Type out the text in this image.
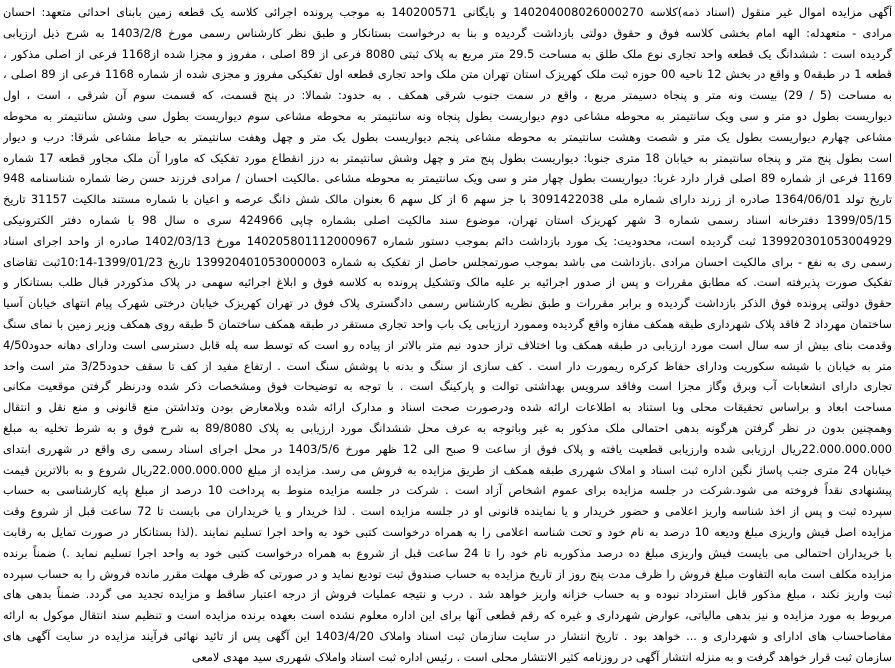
آگهی مزایده اموال غیر منقول (اسناد ذمه)کلاسه 140204008026000270 و بایگانی 140200571 به موجب پرونده اجرائی کلاسه یک قطعه زمین بابنای احداثی متعهد: احسان
مرادی - متعهدله: الهه امام بخشی کلاسه فوق و حقوق دولتی بازداشت گردیده و بنا به درخواست بستانکار و طبق نظر کارشناس رسمی مورخ 1403/2/8 به شرح ذیل ارزیابی
گردیده است : ششدانگ یک قطعه واحد تجاری نوع ملک طلق به مساحت 29.5 متر مربع به پلاک ثبتی 8080 فرعی از 89 اصلی ، مفروز و مجزا شده از1168 فرعی از اصلی مذکور ،
قطعه 1 در طبقه0 و واقع در بخش 12 ناحیه 00 حوزه ثبت ملک کهریزک استان تهران متن ملک واحد تجاری قطعه اول تفکیکی مفروز و مجزی شده از شماره 1168 فرعی از 89 اصلی ،
به مساحت (5 / 29) بیست ونه متر و پنجاه دسیمتر مربع ، واقع در سمت جنوب شرقی همکف . به حدود: شمالا: در پنج قسمت، که قسمت سوم آن شرقی ، است ، اول
دیواریست بطول دو متر و سی ویک سانتیمتر به محوطه مشاعی دوم دیواریست بطول پنجاه ونه سانتیمتر به محوطه مشاعی سوم دیواریست بطول سی وشش سانتیمتر به محوطه
مشاعی چهارم دیواریست بطول یک متر و شصت وهشت سانتیمتر به محوطه مشاعی پنجم دیواریست بطول یک متر و چهل وهفت سانتیمتر به حیاط مشاعی شرقا: درب و دیوار
است بطول پنج متر و پنجاه سانتیمتر به خیابان 18 متری جنوبا: دیواریست بطول پنج متر و چهل وشش سانتیمتر به درز انقطاع مورد تفکیک که ماورا آن ملک مجاور قطعه 17 شماره
1169 فرعی از شماره 89 اصلی قرار دارد غربا: دیواریست بطول چهار متر و سی ویک سانتیمتر به محوطه مشاعی .مالکیت احسان / مرادی فرزند حسن رضا شماره شناسنامه 948
تاریخ تولد 1364/06/01 صادره از زرند دارای شماره ملی 3091422038 با جز سهم 6 از کل سهم 6 بعنوان مالک شش دانگ عرصه و اعیان با شماره مستند مالکیت 31157 تاریخ
1399/05/15 دفترخانه اسناد رسمی شماره 3 شهر کهریزک استان تهران، موضوع سند مالکیت اصلی بشماره چاپی 424966 سری ه سال 98 با شماره دفتر الکترونیکی
139920301053004929 ثبت گردیده است، محدودیت: یک مورد بازداشت دائم بموجب دستور شماره 140205801112000967 مورخ 1402/03/13 صادره از واحد اجرای اسناد
رسمی ری به نفع - برای مالکیت احسان مرادی .بازداشت می باشد بموجب صورتمجلس حاصل از تفکیک به شماره 139920401053000003 تاریخ 1399/01/23-10:14ثبت تقاضای
تفکیک صورت پذیرفته است. که مطابق مقررات و پس از صدور اجرائیه بر علیه مالک وتشکیل پرونده به کلاسه فوق و ابلاغ اجرائیه سهمی در پلاک مذکوردر قبال طلب بستانکار و
حقوق دولتی پرونده فوق الذکر بازداشت گردیده و برابر مقررات و طبق نظریه کارشناس رسمی دادگستری پلاک فوق در تهران کهریزک خیابان درختی شهرک پیام انتهای خیابان آسیا
ساختمان مهرداد 2 فاقد پلاک شهرداری طبقه همکف مفازه واقع گردیده وممورد ارزیابی یک باب واحد تجاری مستقر در طبقه همکف ساختمان 5 طبقه روی همکف وزیر زمین با نمای سنگ
وقدمت بنای بیش از سه سال است مورد ارزیابی در طبقه همکف وبا اختلاف تراز حدود نیم متر بالاتر از پیاده رو است که توسط سه پله قابل دسترسی است ودارای دهانه حدود4/50
متر به خیابان با شیشه سکوریت ودارای حفاظ کرکره ریمورت دار است . کف سازی از سنگ و بدنه با پوشش سنگ است . ارتفاع مفید از کف تا سقف حدود3/25 متر است واحد
تجاری دارای انشعابات آب وبرق وگاز مجزا است وفاقد سرویس بهداشتی توالت و پارکینگ است . با توجه به توضیحات فوق ومشخصات ذکر شده ودرنظر گرفتن موقعیت مکانی
مساحت ابعاد و براساس تحقیقات محلی وبا استناد به اطلاعات ارائه شده ودرصورت صحت اسناد و مدارک ارائه شده وبلامعارض بودن وتداشتن منع قانونی و منع نقل و انتقال
وهمچنین بدون در نظر گرفتن هرگونه بدهی احتمالی ملک مذکور به غیر وباتوجه به عرف محل ششدانگ مورد ارزیابی به پلاک 89/8080 به شرح فوق و به شرط تخلیه به مبلغ
22.000.000.000ریال ارزیابی شده وارزیابی قطعیت یافته و پلاک فوق از ساعت 9 صبح الی 12 ظهر مورخ 1403/5/6 در محل اجرای اسناد رسمی ری واقع در شهرری ابتدای
خیابان 24 متری جنب پاساژ نگین اداره ثبت اسناد و املاک شهرری طبقه همکف از طریق مزایده به فروش می رسد. مزایده از مبلغ 22.000.000.000ریال شروع و به بالاترین قیمت
پیشنهادی نقداً فروخته می شود.شرکت در جلسه مزایده برای عموم اشخاص آزاد است . شرکت در جلسه مزایده منوط به پرداخت 10 درصد از مبلغ پایه کارشناسی به حساب
سپرده ثبت و پس از اخذ شناسه واریز اعلامی و حضور خریدار و یا نماینده قانونی او در جلسه مزایده است . لذا خریدار و یا خریداران می بایست تا 72 ساعت قبل از شروع وقت
مزایده اصل فیش واریزی مبلغ ودیعه 10 درصد به نام خود و تحت شناسه اعلامی را به همراه درخواست کتبی خود به واحد اجرا تسلیم نمایند .(لذا بستانکار در صورت تمایل به رقابت
با خریداران احتمالی می بایست فیش واریزی مبلغ ده درصد مذکوربه نام خود را تا 24 ساعت قبل از شروع به همراه درخواست کتبی خود به واحد اجرا تسلیم نماید .) ضمناً برنده
مزایده مکلف است مابه التفاوت مبلغ فروش را ظرف مدت پنج روز از تاریخ مزایده به حساب صندوق ثبت تودیع نماید و در صورتی که ظرف مهلت مقرر مانده فروش را به حساب سپرده
ثبت واریز نکند ، مبلغ مذکور قابل استرداد نبوده و به حساب خزانه واریز خواهد شد . درب و نتیجه عملیات فروش از درجه اعتبار ساقط و مزایده تجدید می گردد. ضمناً بدهی های
مربوط به مورد مزایده و نیز بدهی مالیاتی، عوارض شهرداری و غیره که رقم قطعی آنها برای این اداره معلوم نشده است بعهده برنده مزایده است و تنظیم سند انتقال موکول به ارائه
مفاصاحساب های ادارای و شهرداری و ... خواهد بود . تاریخ انتشار در سایت سازمان ثبت اسناد واملاک 1403/4/20 این آگهی پس از تائید نهائی فرآیند مزایده در سایت آگهی های
سازمان ثبت قرار خواهد گرفت و به منزله انتشار آگهی در روزنامه کثیر الانتشار محلی است . رئیس اداره ثبت اسناد واملاک شهرری سید مهدی لامعی
